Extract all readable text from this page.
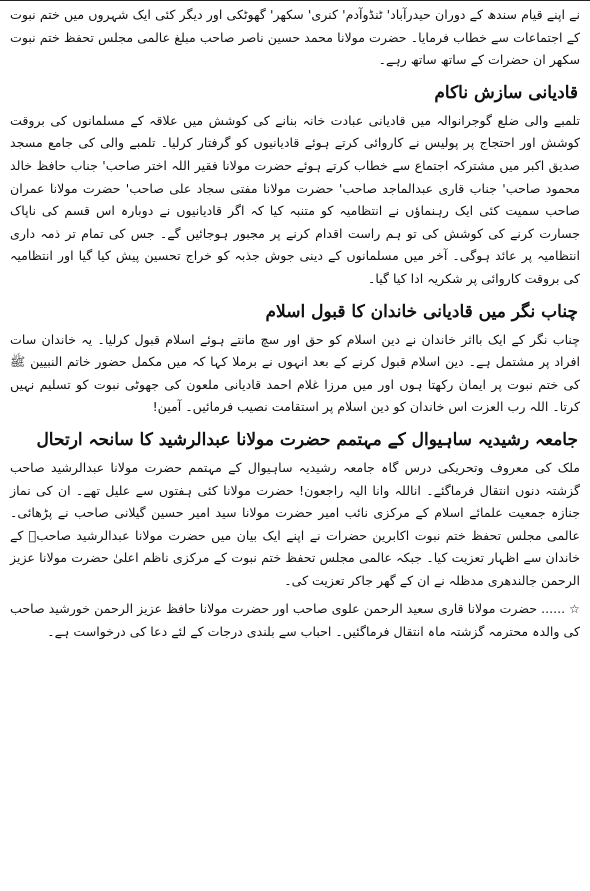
نے اپنے قیام سندھ کے دوران حیدرآباد' ٹنڈوآدم' کنری' سکھر' گھوٹکی اور دیگر کئی ایک شہروں میں ختم نبوت کے اجتماعات سے خطاب فرمایا۔ حضرت مولانا محمد حسین ناصر صاحب مبلغ عالمی مجلس تحفظ ختم نبوت سکھر ان حضرات کے ساتھ ساتھ رہے۔

قادیانی سازش ناکام

تلمبے والی ضلع گوجرانوالہ میں قادیانی عبادت خانہ بنانے کی کوشش میں علاقہ کے مسلمانوں کی بروقت کوشش اور احتجاج پر پولیس نے کاروائی کرتے ہوئے قادیانیوں کو گرفتار کرلیا۔ تلمبے والی کی جامع مسجد صدیق اکبر میں مشترکہ اجتماع سے خطاب کرتے ہوئے حضرت مولانا فقیر اللہ اختر صاحب' جناب حافظ خالد محمود صاحب' جناب قاری عبدالماجد صاحب' حضرت مولانا مفتی سجاد علی صاحب' حضرت مولانا عمران صاحب سمیت کئی ایک رہنماؤں نے انتظامیہ کو متنبہ کیا کہ اگر قادیانیوں نے دوبارہ اس قسم کی ناپاک جسارت کرنے کی کوشش کی تو ہم راست اقدام کرنے پر مجبور ہوجائیں گے۔ جس کی تمام تر ذمہ داری انتظامیہ پر عائد ہوگی۔ آخر میں مسلمانوں کے دینی جوش جذبہ کو خراج تحسین پیش کیا گیا اور انتظامیہ کی بروقت کاروائی پر شکریہ ادا کیا گیا۔

چناب نگر میں قادیانی خاندان کا قبول اسلام

چناب نگر کے ایک بااثر خاندان نے دین اسلام کو حق اور سچ مانتے ہوئے اسلام قبول کرلیا۔ یہ خاندان سات افراد پر مشتمل ہے۔ دین اسلام قبول کرنے کے بعد انہوں نے برملا کہا کہ میں مکمل حضور خاتم النبیین ﷺ کی ختم نبوت پر ایمان رکھتا ہوں اور میں مرزا غلام احمد قادیانی ملعون کی جھوٹی نبوت کو تسلیم نہیں کرتا۔ اللہ رب العزت اس خاندان کو دین اسلام پر استقامت نصیب فرمائیں۔ آمین!

جامعہ رشیدیہ ساہیوال کے مہتمم حضرت مولانا عبدالرشید کا سانحہ ارتحال

ملک کی معروف وتحریکی درس گاہ جامعہ رشیدیہ ساہیوال کے مہتمم حضرت مولانا عبدالرشید صاحب گزشتہ دنوں انتقال فرماگئے۔ اناللہ وانا الیہ راجعون! حضرت مولانا کئی ہفتوں سے علیل تھے۔ ان کی نماز جنازہ جمعیت علمائے اسلام کے مرکزی نائب امیر حضرت مولانا سید امیر حسین گیلانی صاحب نے پڑھائی۔ عالمی مجلس تحفظ ختم نبوت اکابرین حضرات نے اپنے ایک بیان میں حضرت مولانا عبدالرشید صاحبؒ کے خاندان سے اظہار تعزیت کیا۔ جبکہ عالمی مجلس تحفظ ختم نبوت کے مرکزی ناظم اعلیٰ حضرت مولانا عزیز الرحمن جالندھری مدظلہ نے ان کے گھر جاکر تعزیت کی۔

☆...... حضرت مولانا قاری سعید الرحمن علوی صاحب اور حضرت مولانا حافظ عزیز الرحمن خورشید صاحب کی والدہ محترمہ گزشتہ ماہ انتقال فرماگئیں۔ احباب سے بلندی درجات کے لئے دعا کی درخواست ہے۔
